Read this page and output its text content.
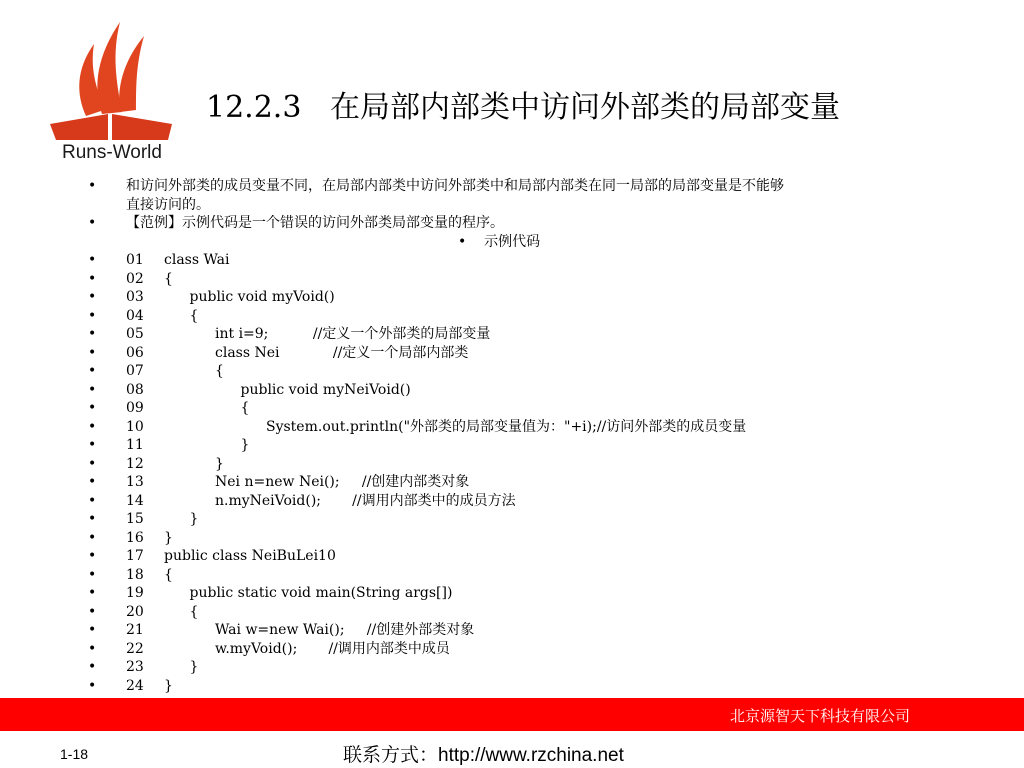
Runs-World
12.2.3   在局部内部类中访问外部类的局部变量
• 和访问外部类的成员变量不同，在局部内部类中访问外部类中和局部内部类在同一局部的局部变量是不能够
直接访问的。
• 【范例】示例代码是一个错误的访问外部类局部变量的程序。
• 示例代码
• 01 class Wai
• 02 {
• 03	public void myVoid()
• 04	{
• 05	int i=9;          //定义一个外部类的局部变量
• 06	class Nei            //定义一个局部内部类
• 07	{
• 08	public void myNeiVoid()
• 09	{
• 10	System.out.println("外部类的局部变量值为："+i);//访问外部类的成员变量
• 11	}
• 12	}
• 13	Nei n=new Nei();     //创建内部类对象
• 14	n.myNeiVoid();       //调用内部类中的成员方法
• 15	}
• 16 }
• 17 public class NeiBuLei10
• 18 {
• 19	public static void main(String args[])
• 20	{
• 21	Wai w=new Wai();     //创建外部类对象
• 22	w.myVoid();       //调用内部类中成员
• 23	}
• 24 }
北京源智天下科技有限公司
1-18	联系方式：http://www.rzchina.net
